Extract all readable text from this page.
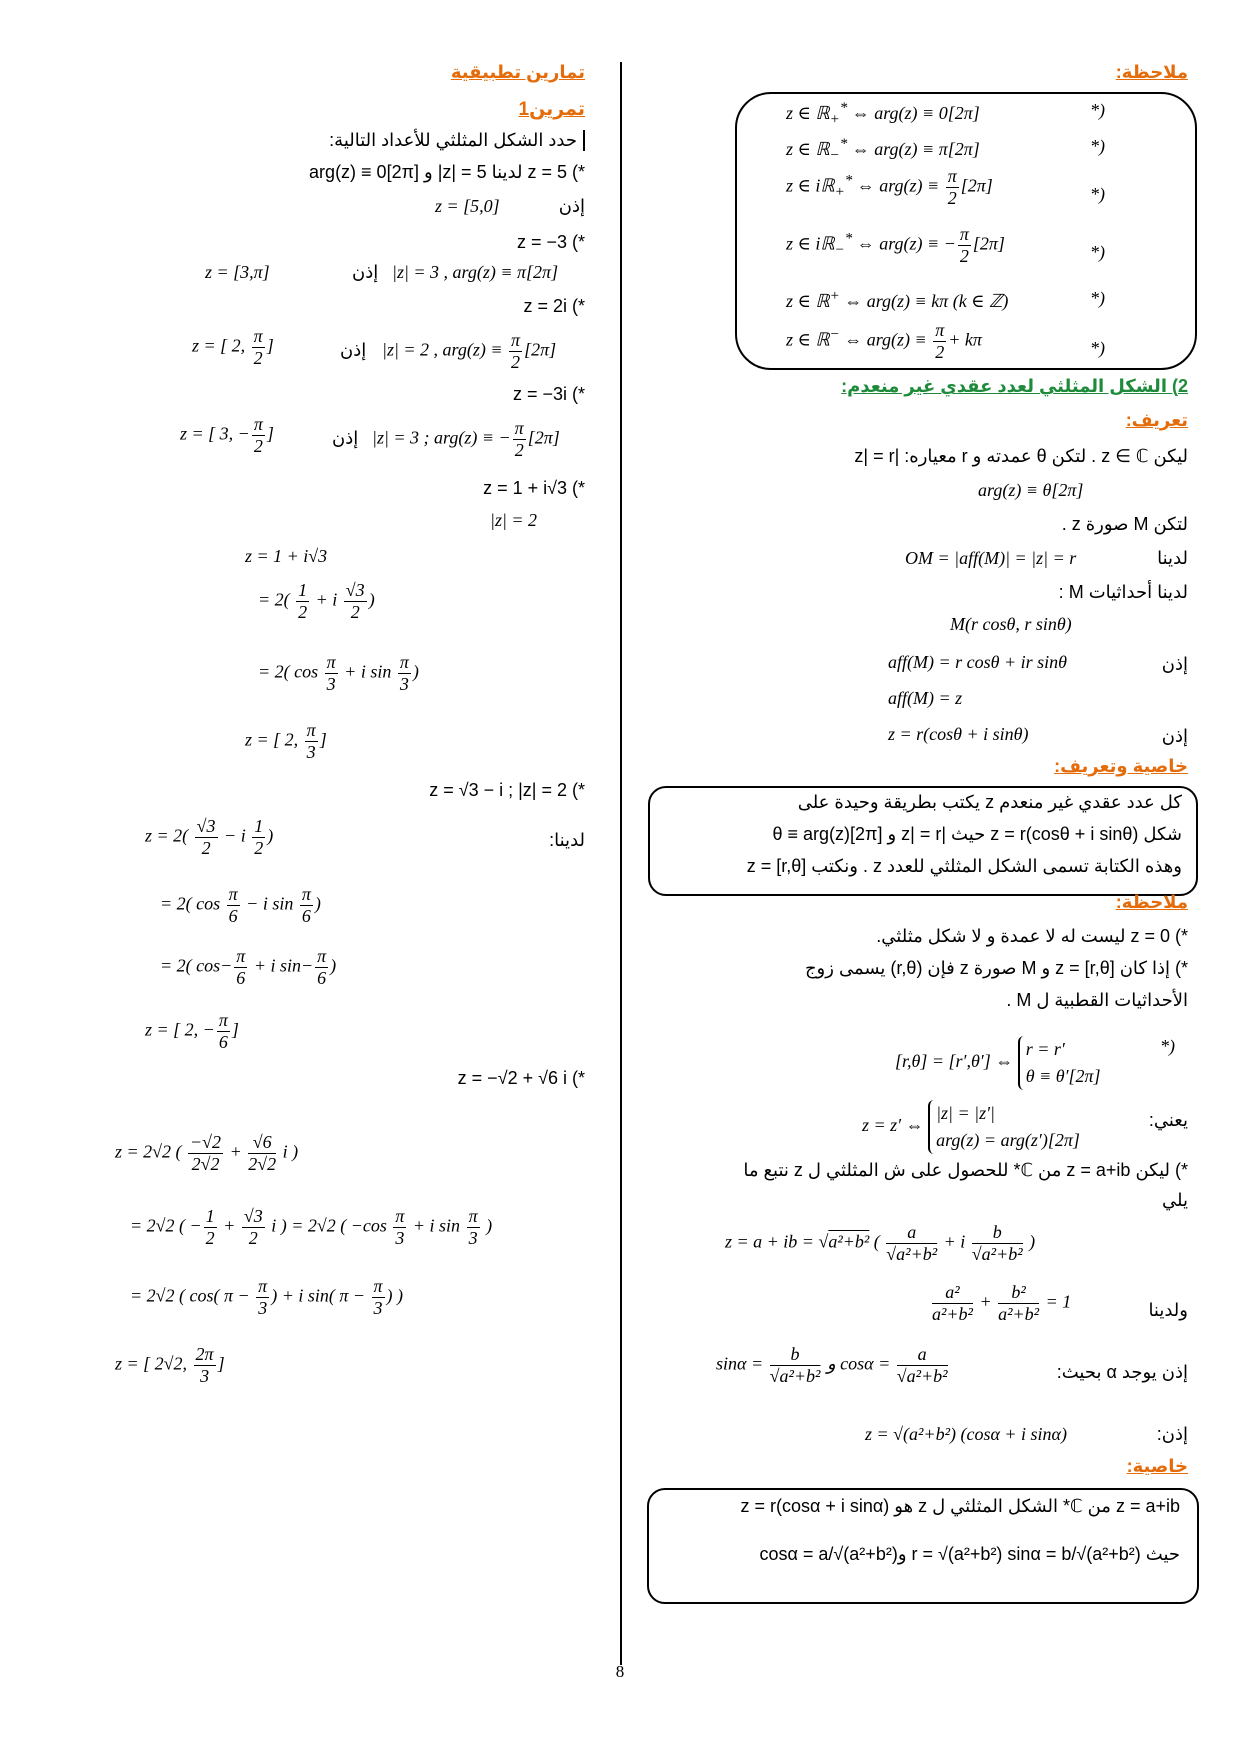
ملاحظة:
z ∈ ℝ$_+$* ⇔ arg(z) ≡ 0[2π]	*)
z ∈ ℝ$_-$* ⇔ arg(z) ≡ π[2π]	*)
z ∈ iℝ$_+$* ⇔ $arg(z) \equiv \frac{\pi}{2} [2\pi]$	*)
z ∈ iℝ$_-$* ⇔ arg(z) ≡ − $\frac{\pi}{2} [2\pi]$	*)
z ∈ ℝ+ ⇔ arg(z) ≡ kπ (k ∈ ℤ)	*)
z ∈ ℝ− ⇔ $arg(z) \equiv \frac{\pi}{2} + k\pi$	*)
2) الشكل المثلثي لعدد عقدي غير منعدم:
تعريف:
ليكن z ∈ ℂ . لتكن θ عمدته و r معياره: |z| = r
arg(z) ≡ θ[2π]
لتكن M صورة z .
لدينا
OM = |aff(M)| = |z| = r
لدينا أحداثيات M :
M(r cosθ, r sinθ)
إذن
aff(M) = r cosθ + ir sinθ
aff(M) = z
إذن
z = r(cosθ + i sinθ)
خاصية وتعريف:
كل عدد عقدي غير منعدم z يكتب بطريقة وحيدة على
شكل z = r(cosθ + i sinθ) حيث |z| = r و θ ≡ arg(z)[2π]
وهذه الكتابة تسمى الشكل المثلثي للعدد z . ونكتب z = [r,θ]
ملاحظة:
*) z = 0 ليست له لا عمدة و لا شكل مثلثي.
*) إذا كان z = [r,θ] و M صورة z فإن (r,θ) يسمى زوج
الأحداثيات القطبية ل M .
*)
[r,θ] = [r′,θ′] ⇔ r = r′
θ ≡ θ′[2π]
يعني:
z = z′ ⇔ |z| = |z′|
arg(z) = arg(z′)[2π]
*) ليكن z = a+ib من ℂ* للحصول على ش المثلثي ل z نتبع ما
يلي
z = a + ib = √a²+b² ( $\frac{a}{\text{√a²+b²}} + i \frac{b}{\text{√a²+b²}}$ )
ولدينا
$\frac{\text{a²}}{\text{a²+b²}} + \frac{\text{b²}}{\text{a²+b²}} = 1$
إذن يوجد α بحيث:
$\sin\alpha = \frac{b}{\text{√a²+b²}}$ و $\cos\alpha = \frac{a}{\text{√a²+b²}}$
إذن:
z = √(a²+b²) (cosα + i sinα)
خاصية:
z = a+ib من ℂ* الشكل المثلثي ل z هو z = r(cosα + i sinα)
حيث r = √(a²+b²) sinα = b/√(a²+b²) وcosα = a/√(a²+b²)
8
تمارين تطبيقية
تمرين1
حدد الشكل المثلثي للأعداد التالية:
*) z = 5 لدينا 5 = |z| و arg(z) ≡ 0[2π]
إذن
z = [5,0]
*) z = −3
|z| = 3 , arg(z) ≡ π[2π]
إذن
z = [3,π]
*) z = 2i
|z| = 2 , $arg(z) \equiv \frac{\pi}{2} [2\pi]$
إذن
z = [ 2, $\frac{\pi}{2}$ ]
*) z = −3i
|z| = 3 ; arg(z) ≡ − $\frac{\pi}{2} [2\pi]$
إذن
z = [ 3, − $\frac{\pi}{2}$ ]
*) z = 1 + i√3
|z| = 2
z = 1 + i√3
= $2( \frac{1}{2} + i \frac{√3}{2}$ )
= 2( $\cos \frac{\pi}{3} + i$ $\sin \frac{\pi}{3}$ )
z = [ 2, $\frac{\pi}{3}$ ]
*) z = √3 − i ; |z| = 2
لدينا:
$z = 2( \frac{√3}{2} - i \frac{1}{2}$ )
= 2( $\cos \frac{\pi}{6} - i$ $\sin \frac{\pi}{6}$ )
= 2( $\cos- \frac{\pi}{6} + i$ $\sin- \frac{\pi}{6}$ )
z = [ 2, − $\frac{\pi}{6}$ ]
*) z = −√2 + √6 i
z = 2√2 ( $\frac{-√2}{2√2} + \frac{√6}{2√2}$ i )
= 2√2 ( − $\frac{1}{2} + \frac{√3}{2}$ i ) = 2√2 ( $-\cos \frac{\pi}{3} + i$ $\sin \frac{\pi}{3}$ )
= 2√2 ( cos( $\pi - \frac{\pi}{3}$ ) + i sin( $\pi - \frac{\pi}{3}$ ) )
z = [ 2√2, $\frac{2\pi}{3}$ ]
